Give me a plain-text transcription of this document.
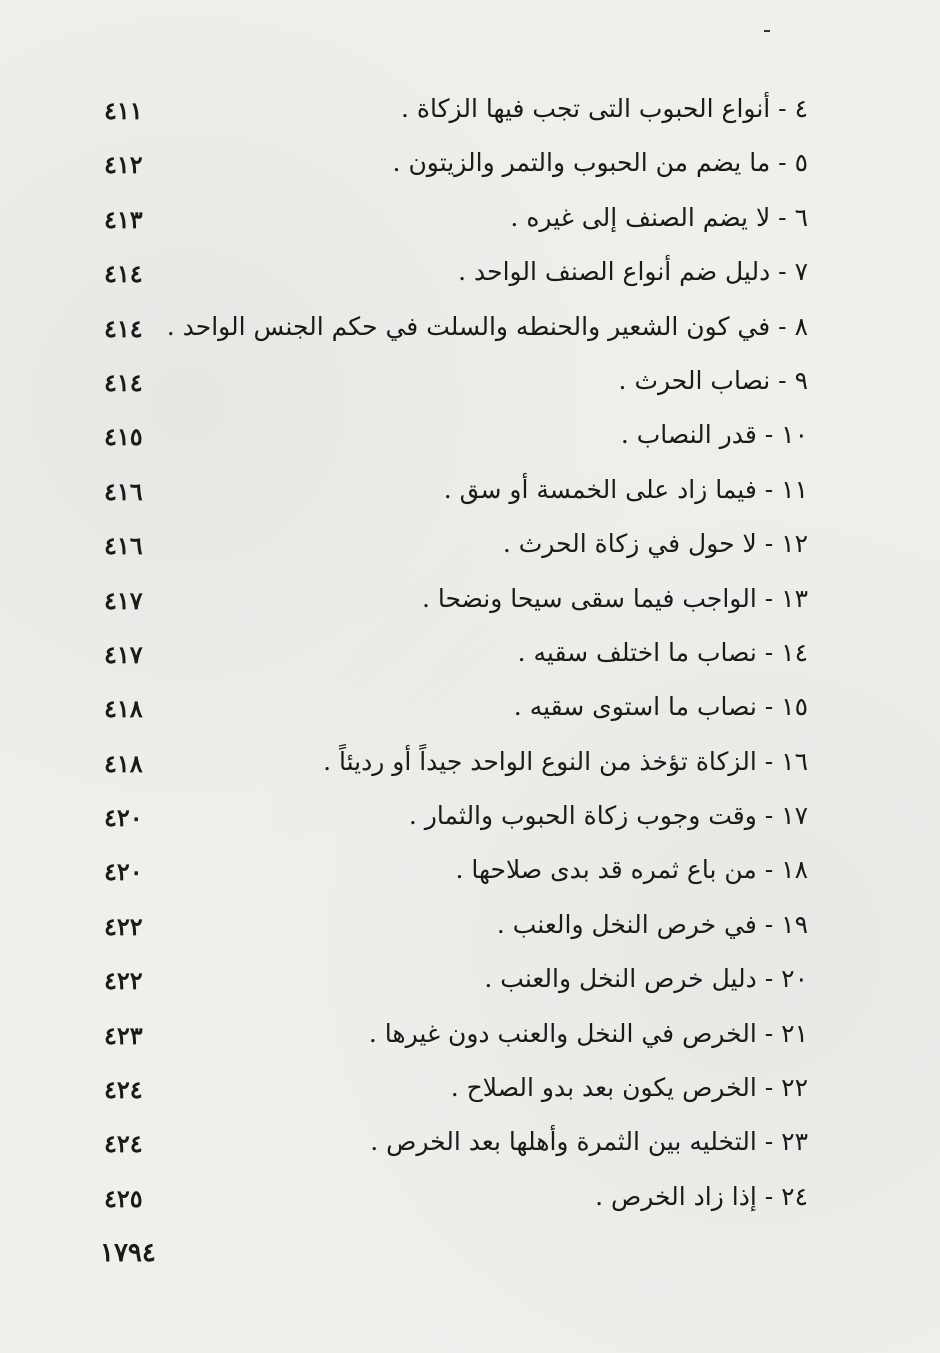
٤ - أنواع الحبوب التى تجب فيها الزكاة .
٤١١
٥ - ما يضم من الحبوب والتمر والزيتون .
٤١٢
٦ - لا يضم الصنف إلى غيره .
٤١٣
٧ - دليل ضم أنواع الصنف الواحد .
٤١٤
٨ - في كون الشعير والحنطه والسلت في حكم الجنس الواحد .
٤١٤
٩ - نصاب الحرث .
٤١٤
١٠ - قدر النصاب .
٤١٥
١١ - فيما زاد على الخمسة أو سق .
٤١٦
١٢ - لا حول في زكاة الحرث .
٤١٦
١٣ - الواجب فيما سقى سيحا ونضحا .
٤١٧
١٤ - نصاب ما اختلف سقيه .
٤١٧
١٥ - نصاب ما استوى سقيه .
٤١٨
١٦ - الزكاة تؤخذ من النوع الواحد جيداً أو رديئاً .
٤١٨
١٧ - وقت وجوب زكاة الحبوب والثمار .
٤٢٠
١٨ - من باع ثمره قد بدى صلاحها .
٤٢٠
١٩ - في خرص النخل والعنب .
٤٢٢
٢٠ - دليل خرص النخل والعنب .
٤٢٢
٢١ - الخرص في النخل والعنب دون غيرها .
٤٢٣
٢٢ - الخرص يكون بعد بدو الصلاح .
٤٢٤
٢٣ - التخليه بين الثمرة وأهلها بعد الخرص .
٤٢٤
٢٤ - إذا زاد الخرص .
٤٢٥
١٧٩٤
